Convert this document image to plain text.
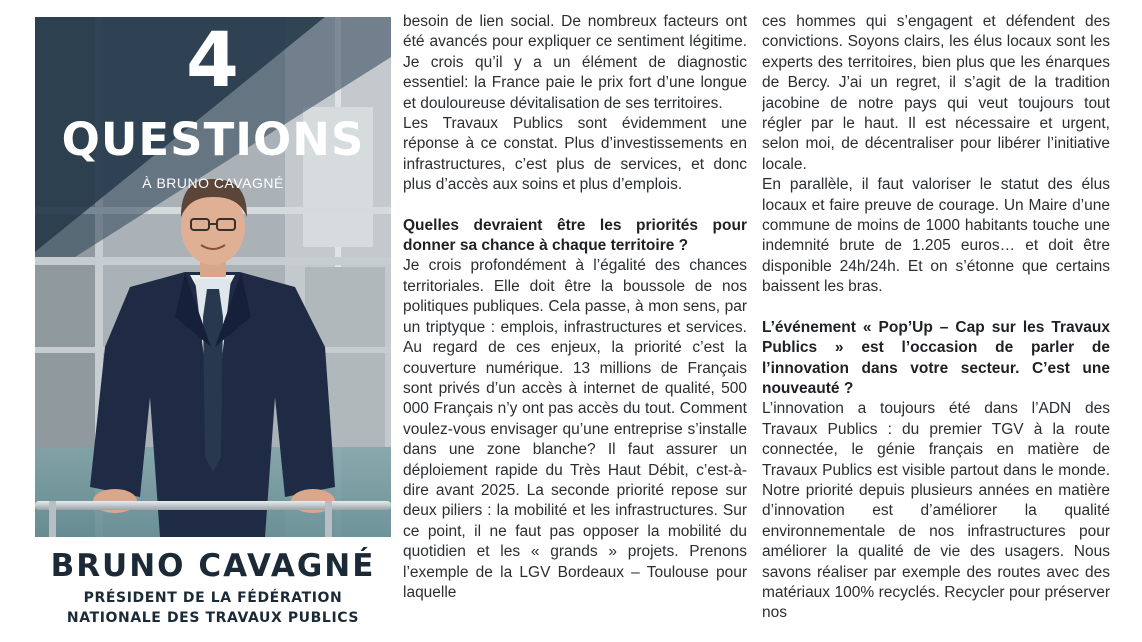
4
QUESTIONS
À BRUNO CAVAGNÉ
BRUNO CAVAGNÉ
PRÉSIDENT DE LA FÉDÉRATION
NATIONALE DES TRAVAUX PUBLICS

besoin de lien social. De nombreux facteurs ont été avancés pour expliquer ce sentiment légitime. Je crois qu’il y a un élément de diagnostic essentiel: la France paie le prix fort d’une longue et douloureuse dévitalisation de ses territoires.

Les Travaux Publics sont évidemment une réponse à ce constat. Plus d’investissements en infrastructures, c’est plus de services, et donc plus d’accès aux soins et plus d’emplois.

Quelles devraient être les priorités pour donner sa chance à chaque territoire ?

Je crois profondément à l’égalité des chances territoriales. Elle doit être la boussole de nos politiques publiques. Cela passe, à mon sens, par un triptyque : emplois, infrastructures et services. Au regard de ces enjeux, la priorité c’est la couverture numérique. 13 millions de Français sont privés d’un accès à internet de qualité, 500 000 Français n’y ont pas accès du tout. Comment voulez-vous envisager qu’une entreprise s’installe dans une zone blanche? Il faut assurer un déploiement rapide du Très Haut Débit, c’est-à-dire avant 2025. La seconde priorité repose sur deux piliers : la mobilité et les infrastructures. Sur ce point, il ne faut pas opposer la mobilité du quotidien et les « grands » projets. Prenons l’exemple de la LGV Bordeaux – Toulouse pour laquelle

ces hommes qui s’engagent et défendent des convictions. Soyons clairs, les élus locaux sont les experts des territoires, bien plus que les énarques de Bercy. J’ai un regret, il s’agit de la tradition jacobine de notre pays qui veut toujours tout régler par le haut. Il est nécessaire et urgent, selon moi, de décentraliser pour libérer l’initiative locale.

En parallèle, il faut valoriser le statut des élus locaux et faire preuve de courage. Un Maire d’une commune de moins de 1000 habitants touche une indemnité brute de 1.205 euros… et doit être disponible 24h/24h. Et on s’étonne que certains baissent les bras.

L’événement « Pop’Up – Cap sur les Travaux Publics » est l’occasion de parler de l’innovation dans votre secteur. C’est une nouveauté ?

L’innovation a toujours été dans l’ADN des Travaux Publics : du premier TGV à la route connectée, le génie français en matière de Travaux Publics est visible partout dans le monde. Notre priorité depuis plusieurs années en matière d’innovation est d’améliorer la qualité environnementale de nos infrastructures pour améliorer la qualité de vie des usagers. Nous savons réaliser par exemple des routes avec des matériaux 100% recyclés. Recycler pour préserver nos
